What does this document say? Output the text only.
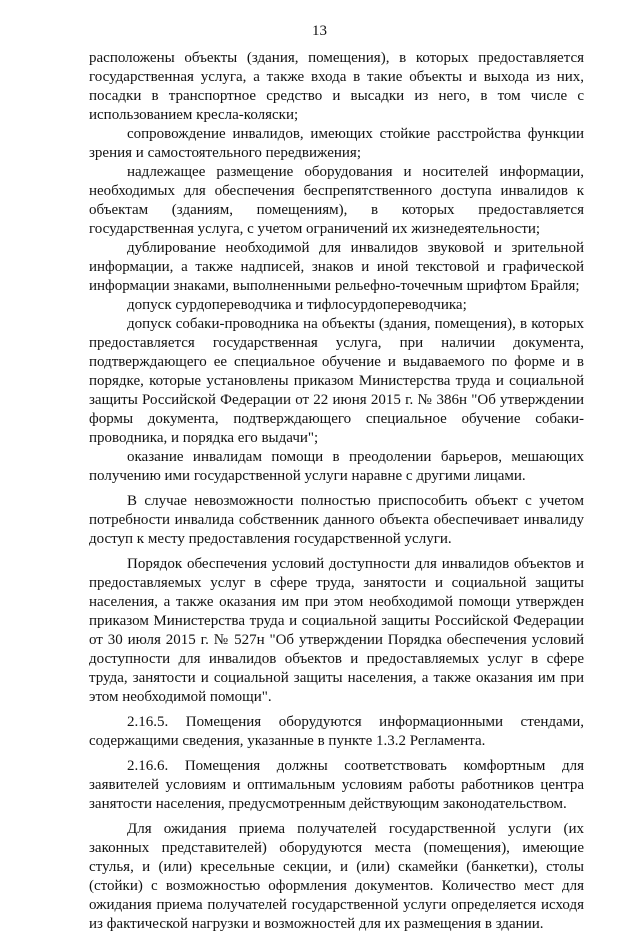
13

расположены объекты (здания, помещения), в которых предоставляется государственная услуга, а также входа в такие объекты и выхода из них, посадки в транспортное средство и высадки из него, в том числе с использованием кресла-коляски;

сопровождение инвалидов, имеющих стойкие расстройства функции зрения и самостоятельного передвижения;

надлежащее размещение оборудования и носителей информации, необходимых для обеспечения беспрепятственного доступа инвалидов к объектам (зданиям, помещениям), в которых предоставляется государственная услуга, с учетом ограничений их жизнедеятельности;

дублирование необходимой для инвалидов звуковой и зрительной информации, а также надписей, знаков и иной текстовой и графической информации знаками, выполненными рельефно-точечным шрифтом Брайля;

допуск сурдопереводчика и тифлосурдопереводчика;

допуск собаки-проводника на объекты (здания, помещения), в которых предоставляется государственная услуга, при наличии документа, подтверждающего ее специальное обучение и выдаваемого по форме и в порядке, которые установлены приказом Министерства труда и социальной защиты Российской Федерации от 22 июня 2015 г. № 386н "Об утверждении формы документа, подтверждающего специальное обучение собаки-проводника, и порядка его выдачи";

оказание инвалидам помощи в преодолении барьеров, мешающих получению ими государственной услуги наравне с другими лицами.

В случае невозможности полностью приспособить объект с учетом потребности инвалида собственник данного объекта обеспечивает инвалиду доступ к месту предоставления государственной услуги.

Порядок обеспечения условий доступности для инвалидов объектов и предоставляемых услуг в сфере труда, занятости и социальной защиты населения, а также оказания им при этом необходимой помощи утвержден приказом Министерства труда и социальной защиты Российской Федерации от 30 июля 2015 г. № 527н "Об утверждении Порядка обеспечения условий доступности для инвалидов объектов и предоставляемых услуг в сфере труда, занятости и социальной защиты населения, а также оказания им при этом необходимой помощи".

2.16.5. Помещения оборудуются информационными стендами, содержащими сведения, указанные в пункте 1.3.2 Регламента.

2.16.6. Помещения должны соответствовать комфортным для заявителей условиям и оптимальным условиям работы работников центра занятости населения, предусмотренным действующим законодательством.

Для ожидания приема получателей государственной услуги (их законных представителей) оборудуются места (помещения), имеющие стулья, и (или) кресельные секции, и (или) скамейки (банкетки), столы (стойки) с возможностью оформления документов. Количество мест для ожидания приема получателей государственной услуги определяется исходя из фактической нагрузки и возможностей для их размещения в здании.
